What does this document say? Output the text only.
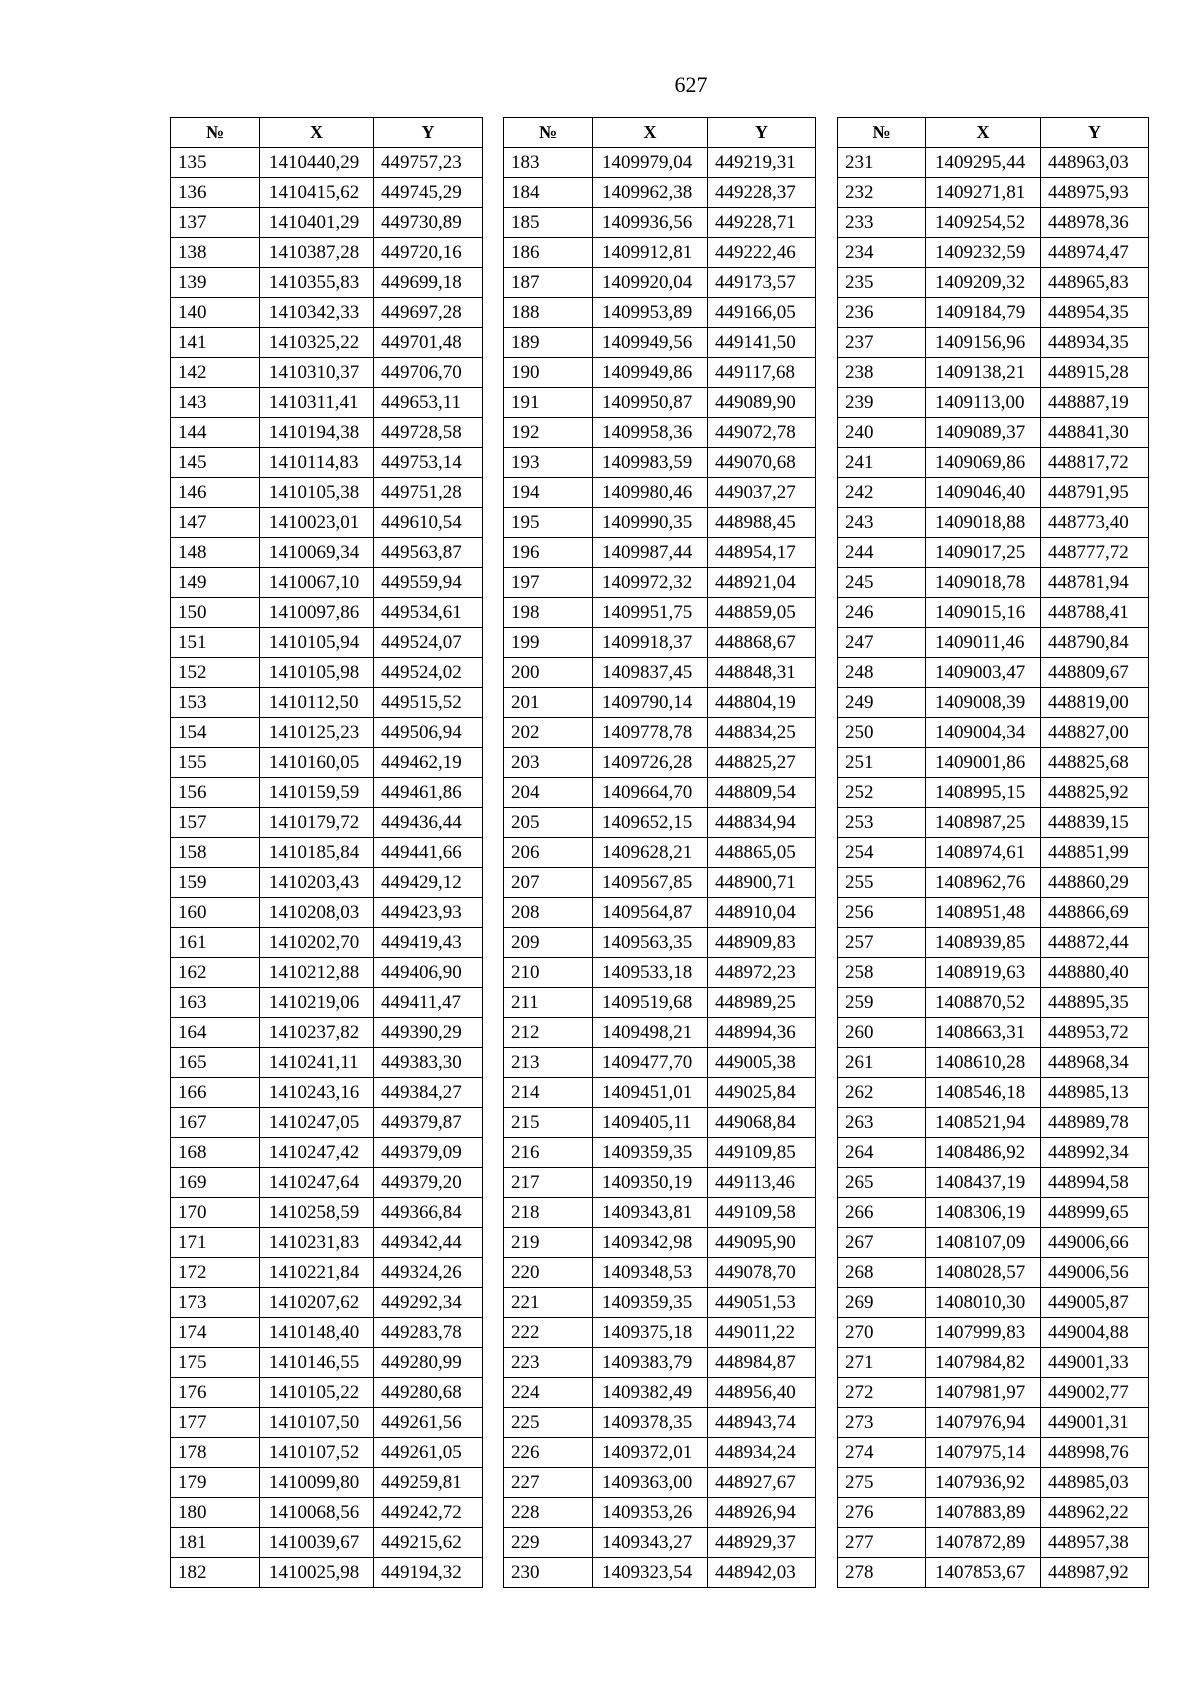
627
№	X	Y
135	1410440,29	449757,23
136	1410415,62	449745,29
137	1410401,29	449730,89
138	1410387,28	449720,16
139	1410355,83	449699,18
140	1410342,33	449697,28
141	1410325,22	449701,48
142	1410310,37	449706,70
143	1410311,41	449653,11
144	1410194,38	449728,58
145	1410114,83	449753,14
146	1410105,38	449751,28
147	1410023,01	449610,54
148	1410069,34	449563,87
149	1410067,10	449559,94
150	1410097,86	449534,61
151	1410105,94	449524,07
152	1410105,98	449524,02
153	1410112,50	449515,52
154	1410125,23	449506,94
155	1410160,05	449462,19
156	1410159,59	449461,86
157	1410179,72	449436,44
158	1410185,84	449441,66
159	1410203,43	449429,12
160	1410208,03	449423,93
161	1410202,70	449419,43
162	1410212,88	449406,90
163	1410219,06	449411,47
164	1410237,82	449390,29
165	1410241,11	449383,30
166	1410243,16	449384,27
167	1410247,05	449379,87
168	1410247,42	449379,09
169	1410247,64	449379,20
170	1410258,59	449366,84
171	1410231,83	449342,44
172	1410221,84	449324,26
173	1410207,62	449292,34
174	1410148,40	449283,78
175	1410146,55	449280,99
176	1410105,22	449280,68
177	1410107,50	449261,56
178	1410107,52	449261,05
179	1410099,80	449259,81
180	1410068,56	449242,72
181	1410039,67	449215,62
182	1410025,98	449194,32
№	X	Y
183	1409979,04	449219,31
184	1409962,38	449228,37
185	1409936,56	449228,71
186	1409912,81	449222,46
187	1409920,04	449173,57
188	1409953,89	449166,05
189	1409949,56	449141,50
190	1409949,86	449117,68
191	1409950,87	449089,90
192	1409958,36	449072,78
193	1409983,59	449070,68
194	1409980,46	449037,27
195	1409990,35	448988,45
196	1409987,44	448954,17
197	1409972,32	448921,04
198	1409951,75	448859,05
199	1409918,37	448868,67
200	1409837,45	448848,31
201	1409790,14	448804,19
202	1409778,78	448834,25
203	1409726,28	448825,27
204	1409664,70	448809,54
205	1409652,15	448834,94
206	1409628,21	448865,05
207	1409567,85	448900,71
208	1409564,87	448910,04
209	1409563,35	448909,83
210	1409533,18	448972,23
211	1409519,68	448989,25
212	1409498,21	448994,36
213	1409477,70	449005,38
214	1409451,01	449025,84
215	1409405,11	449068,84
216	1409359,35	449109,85
217	1409350,19	449113,46
218	1409343,81	449109,58
219	1409342,98	449095,90
220	1409348,53	449078,70
221	1409359,35	449051,53
222	1409375,18	449011,22
223	1409383,79	448984,87
224	1409382,49	448956,40
225	1409378,35	448943,74
226	1409372,01	448934,24
227	1409363,00	448927,67
228	1409353,26	448926,94
229	1409343,27	448929,37
230	1409323,54	448942,03
№	X	Y
231	1409295,44	448963,03
232	1409271,81	448975,93
233	1409254,52	448978,36
234	1409232,59	448974,47
235	1409209,32	448965,83
236	1409184,79	448954,35
237	1409156,96	448934,35
238	1409138,21	448915,28
239	1409113,00	448887,19
240	1409089,37	448841,30
241	1409069,86	448817,72
242	1409046,40	448791,95
243	1409018,88	448773,40
244	1409017,25	448777,72
245	1409018,78	448781,94
246	1409015,16	448788,41
247	1409011,46	448790,84
248	1409003,47	448809,67
249	1409008,39	448819,00
250	1409004,34	448827,00
251	1409001,86	448825,68
252	1408995,15	448825,92
253	1408987,25	448839,15
254	1408974,61	448851,99
255	1408962,76	448860,29
256	1408951,48	448866,69
257	1408939,85	448872,44
258	1408919,63	448880,40
259	1408870,52	448895,35
260	1408663,31	448953,72
261	1408610,28	448968,34
262	1408546,18	448985,13
263	1408521,94	448989,78
264	1408486,92	448992,34
265	1408437,19	448994,58
266	1408306,19	448999,65
267	1408107,09	449006,66
268	1408028,57	449006,56
269	1408010,30	449005,87
270	1407999,83	449004,88
271	1407984,82	449001,33
272	1407981,97	449002,77
273	1407976,94	449001,31
274	1407975,14	448998,76
275	1407936,92	448985,03
276	1407883,89	448962,22
277	1407872,89	448957,38
278	1407853,67	448987,92
